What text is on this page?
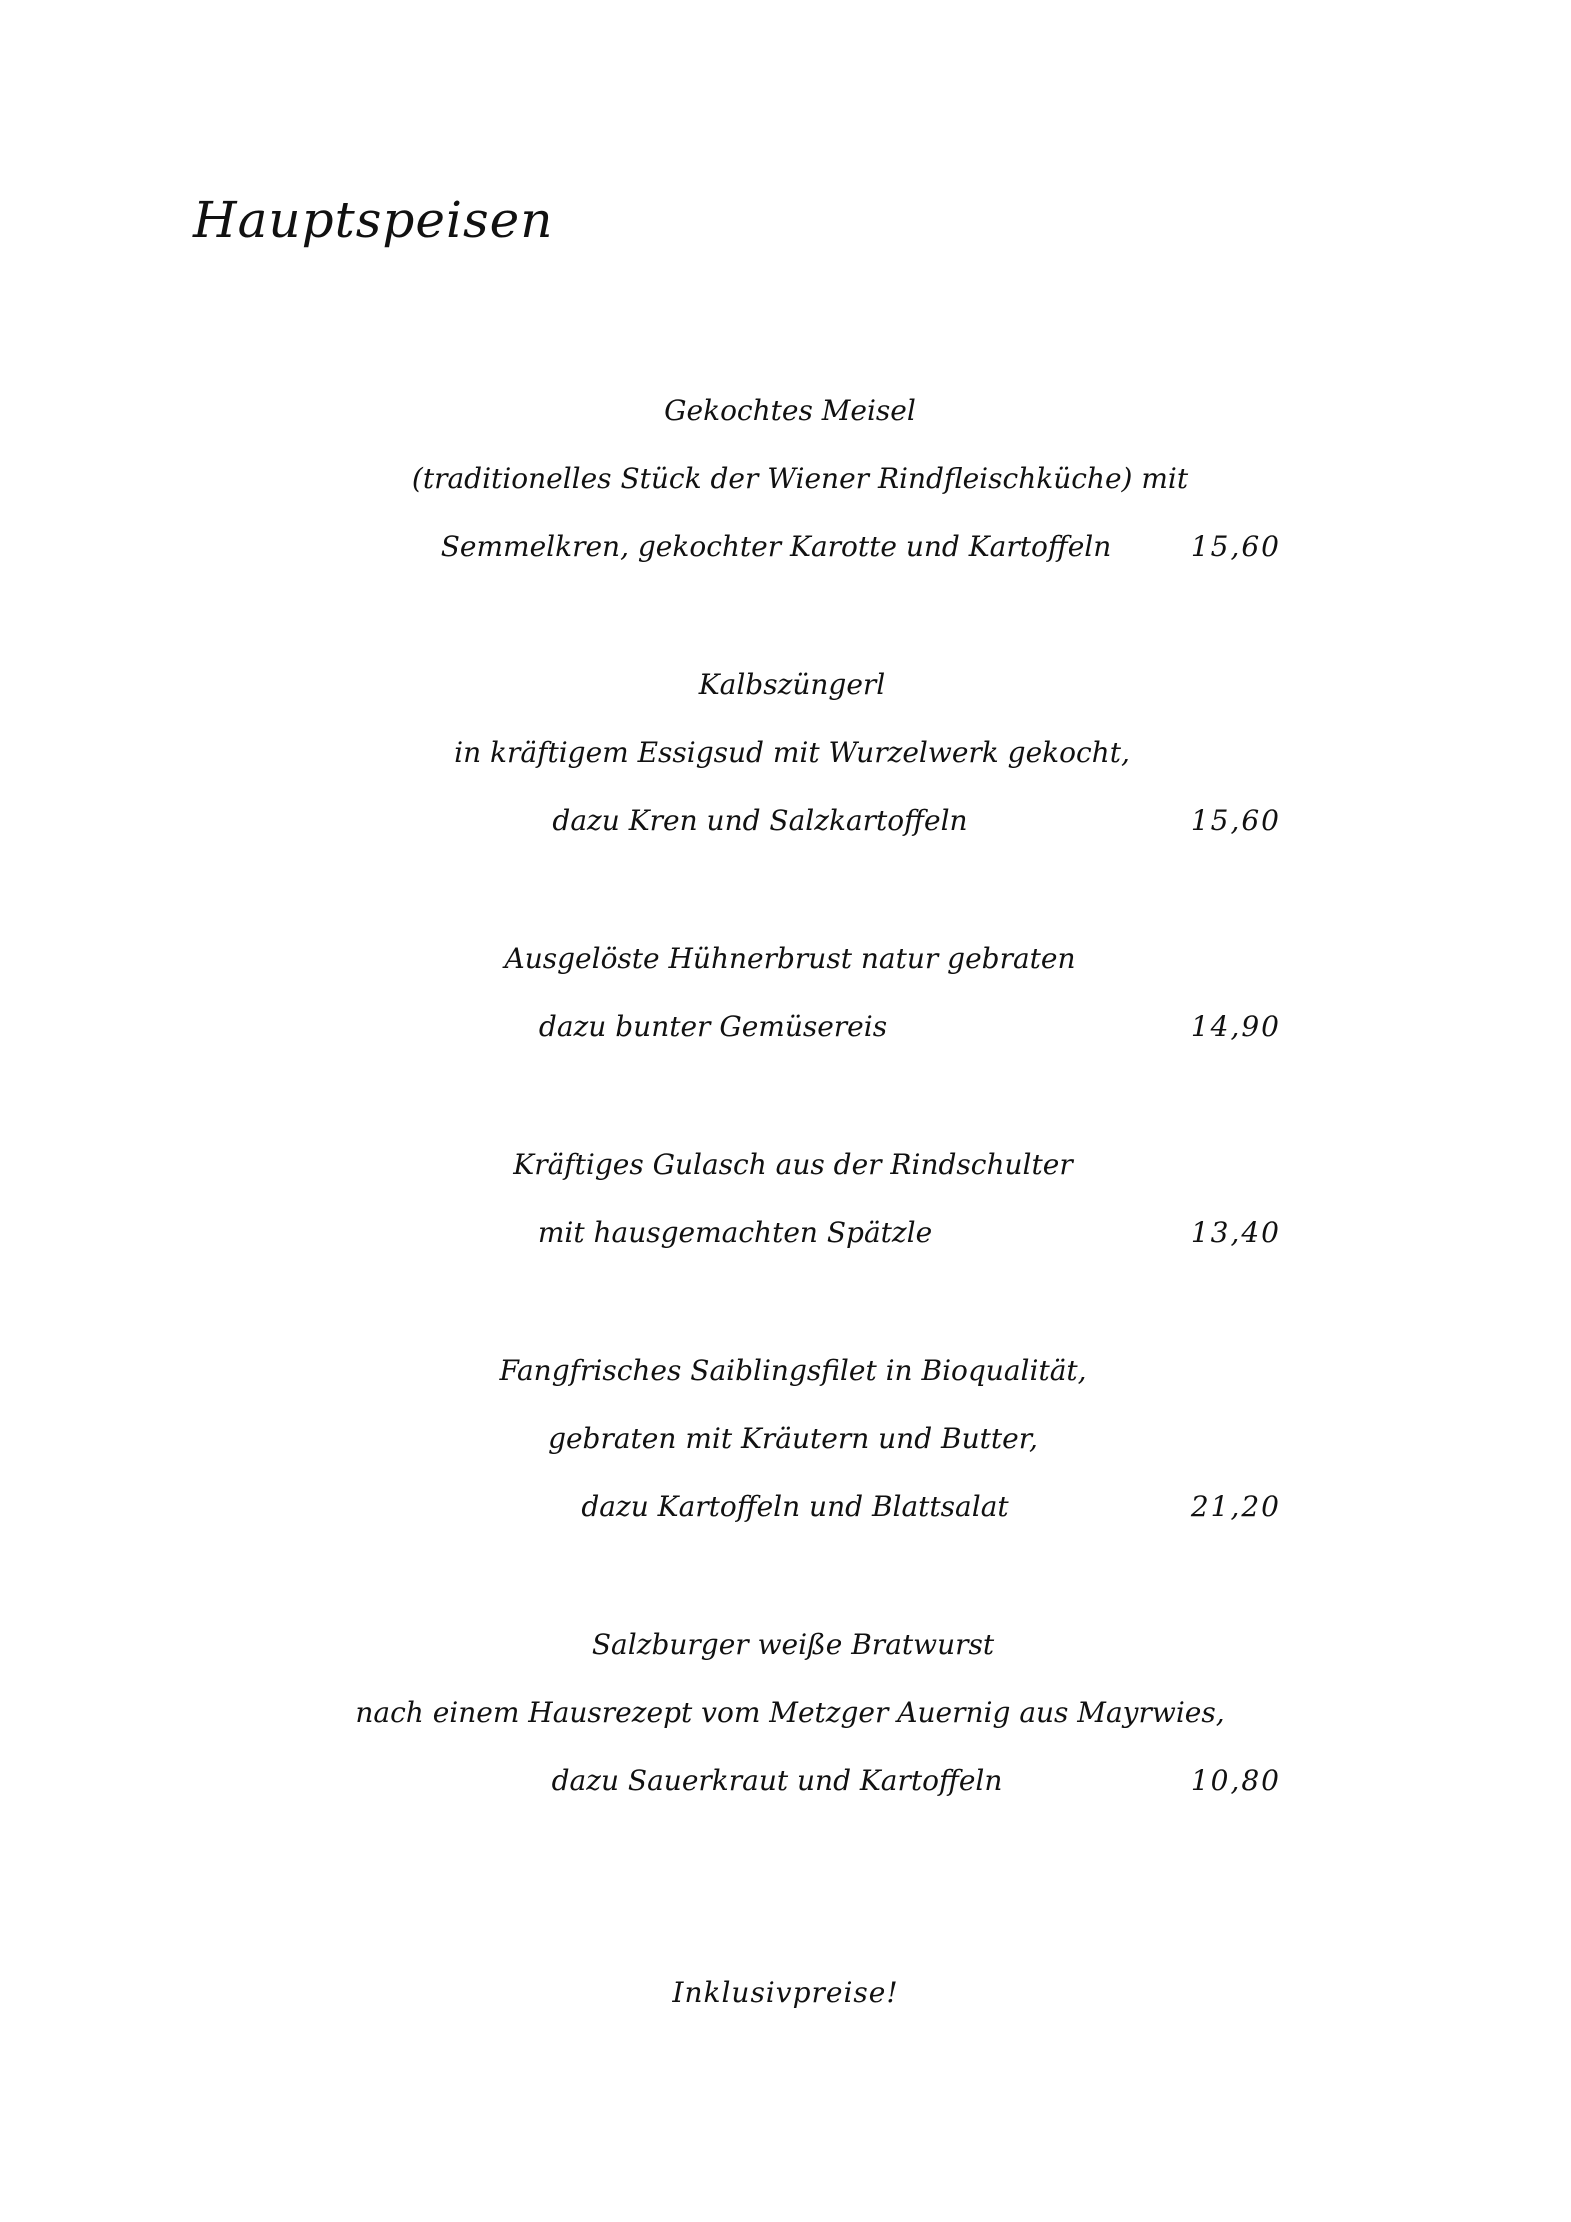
Hauptspeisen
Gekochtes Meisel
(traditionelles Stück der Wiener Rindfleischküche) mit
Semmelkren, gekochter Karotte und Kartoffeln	15,60
Kalbszüngerl
in kräftigem Essigsud mit Wurzelwerk gekocht,
dazu Kren und Salzkartoffeln	15,60
Ausgelöste Hühnerbrust natur gebraten
dazu bunter Gemüsereis	14,90
Kräftiges Gulasch aus der Rindschulter
mit hausgemachten Spätzle	13,40
Fangfrisches Saiblingsfilet in Bioqualität,
gebraten mit Kräutern und Butter,
dazu Kartoffeln und Blattsalat	21,20
Salzburger weiße Bratwurst
nach einem Hausrezept vom Metzger Auernig aus Mayrwies,
dazu Sauerkraut und Kartoffeln	10,80
Inklusivpreise!
